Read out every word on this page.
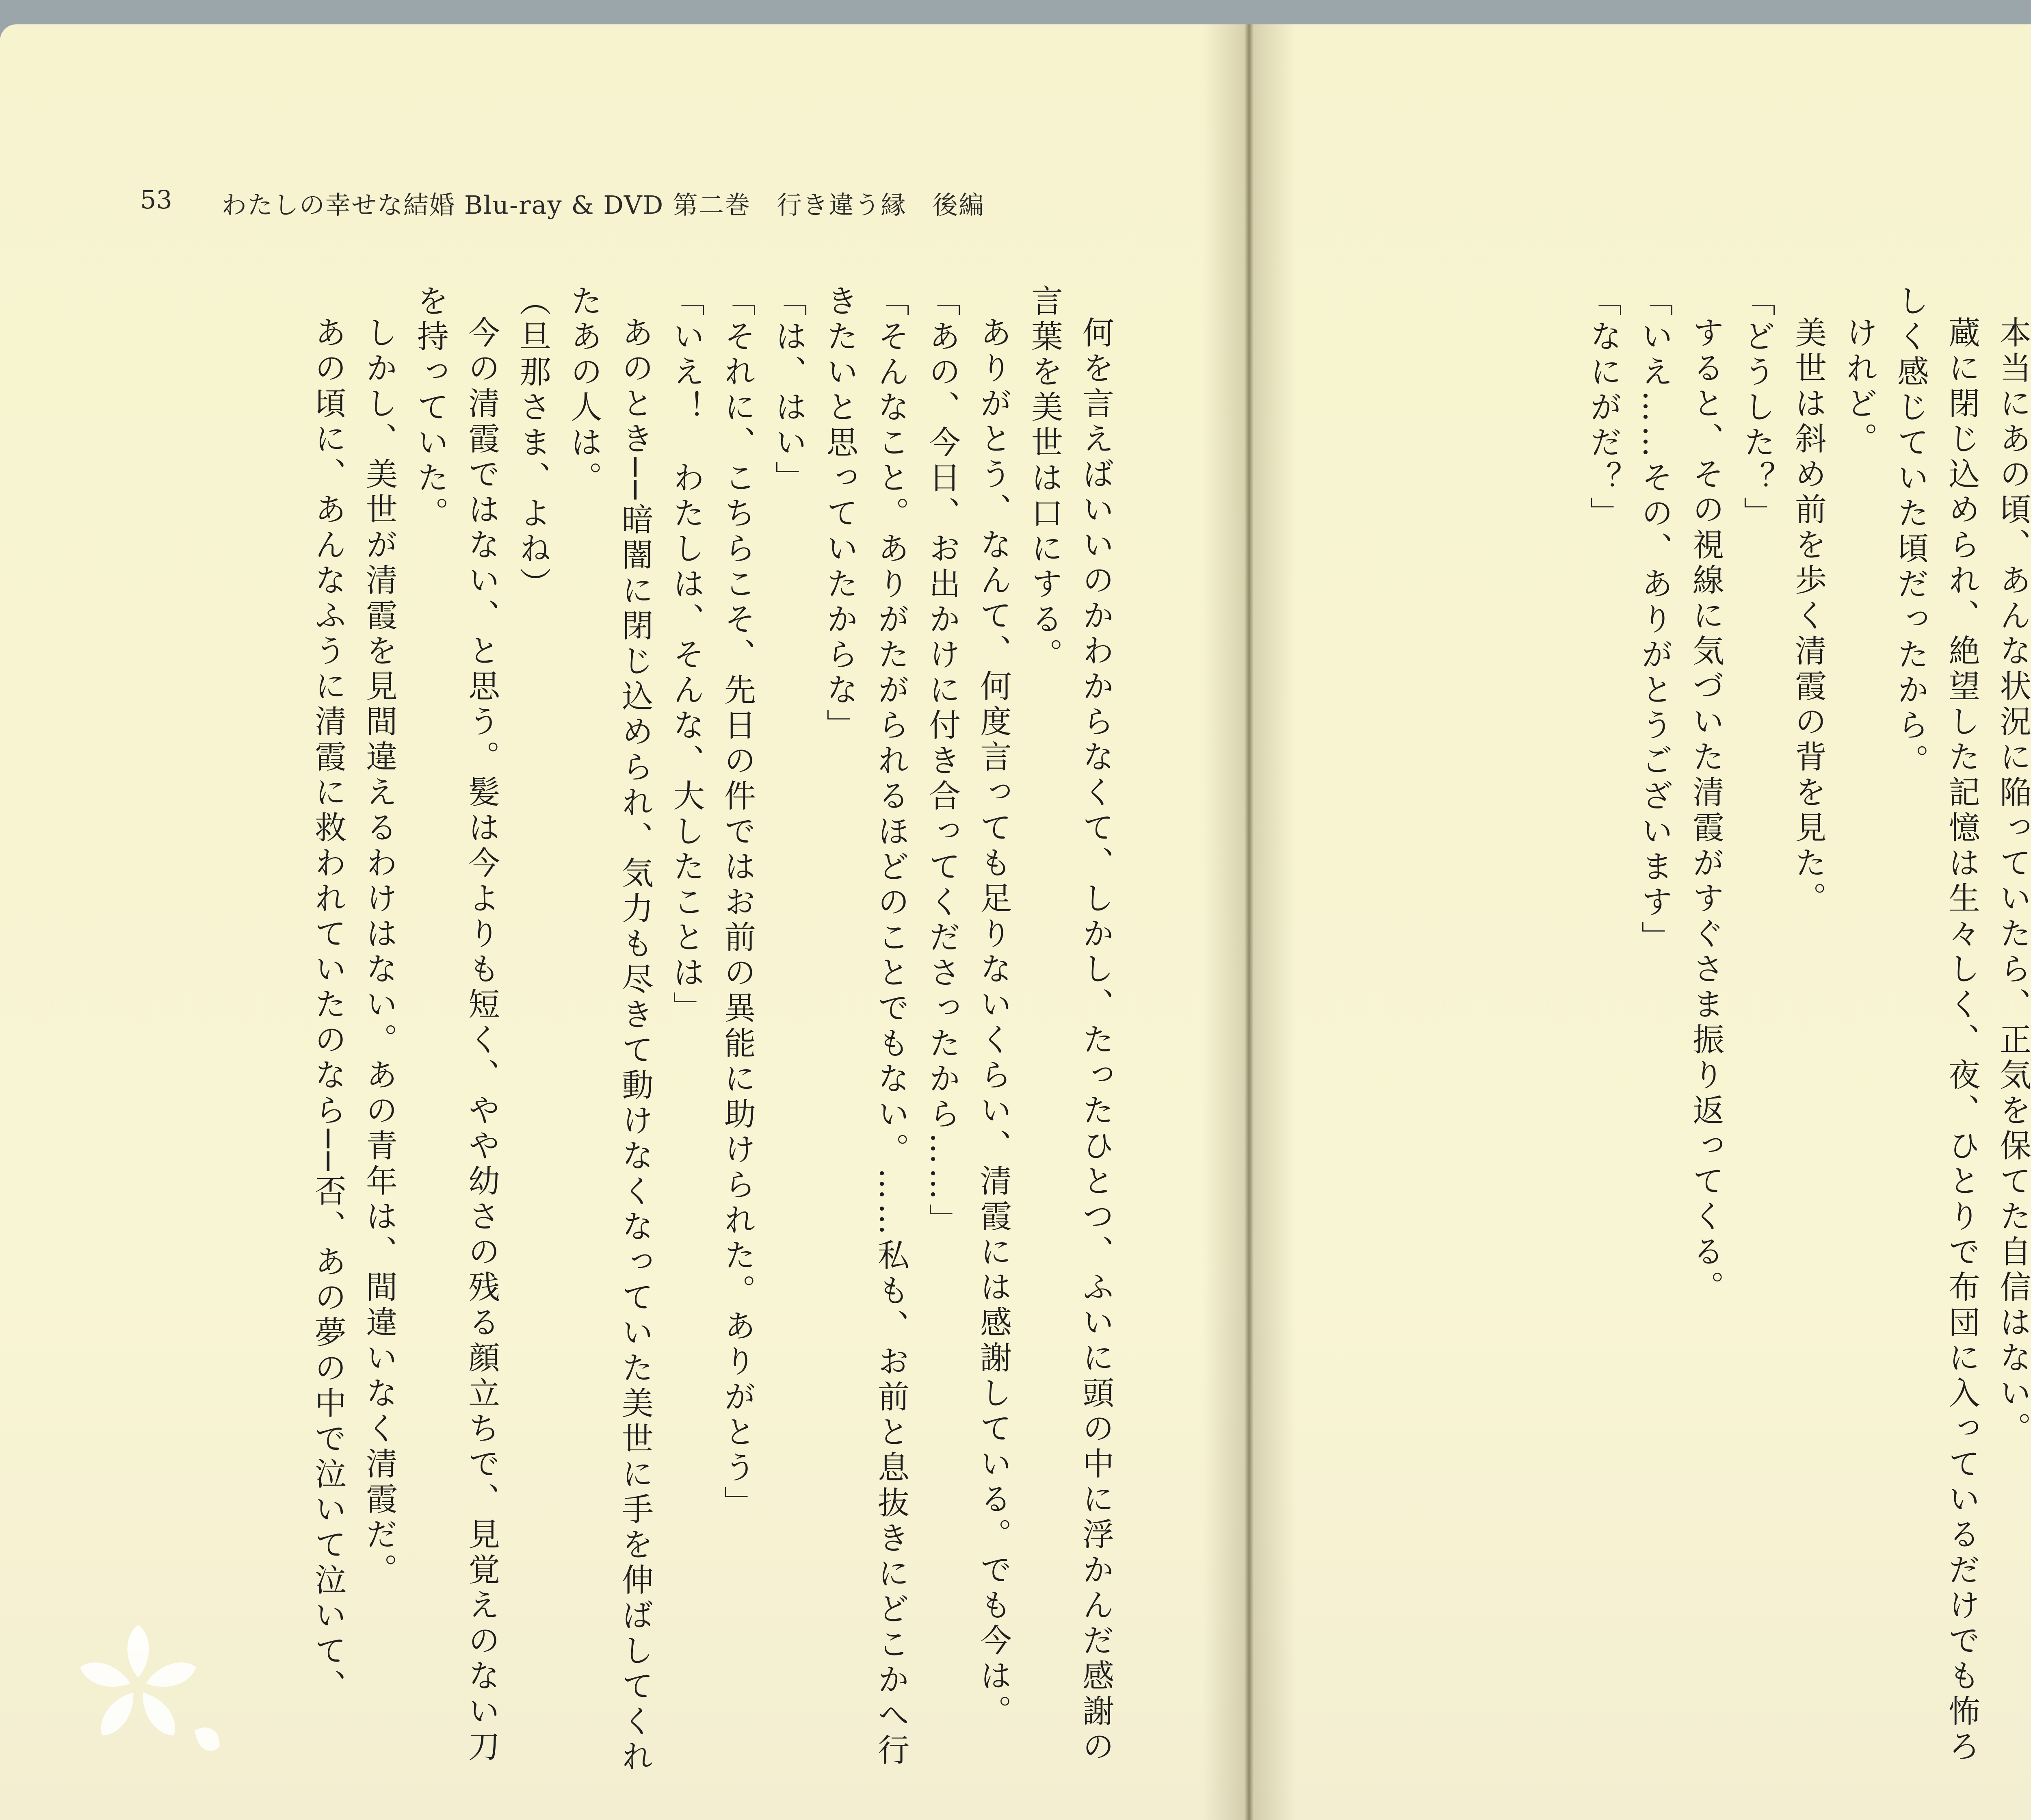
53 わたしの幸せな結婚 Blu-ray & DVD 第二巻　行き違う縁　後編

何を言えばいいのかわからなくて、しかし、たったひとつ、ふいに頭の中に浮かんだ感謝の言葉を美世は口にする。

ありがとう、なんて、何度言っても足りないくらい、清霞には感謝している。でも今は。

「あの、今日、お出かけに付き合ってくださったから……」

「そんなこと。ありがたがられるほどのことでもない。……私も、お前と息抜きにどこかへ行きたいと思っていたからな」

「は、はい」

「それに、こちらこそ、先日の件ではお前の異能に助けられた。ありがとう」

「いえ！　わたしは、そんな、大したことは」

あのとき──暗闇に閉じ込められ、気力も尽きて動けなくなっていた美世に手を伸ばしてくれたあの人は。

（旦那さま、よね）

今の清霞ではない、と思う。髪は今よりも短く、やや幼さの残る顔立ちで、見覚えのない刀を持っていた。

しかし、美世が清霞を見間違えるわけはない。あの青年は、間違いなく清霞だ。

あの頃に、あんなふうに清霞に救われていたのなら──否、あの夢の中で泣いて泣いて、	本当にあの頃、あんな状況に陥っていたら、正気を保てた自信はない。

蔵に閉じ込められ、絶望した記憶は生々しく、夜、ひとりで布団に入っているだけでも怖ろしく感じていた頃だったから。

けれど。

美世は斜め前を歩く清霞の背を見た。

「どうした？」

すると、その視線に気づいた清霞がすぐさま振り返ってくる。

「いえ……その、ありがとうございます」

「なにがだ？」
